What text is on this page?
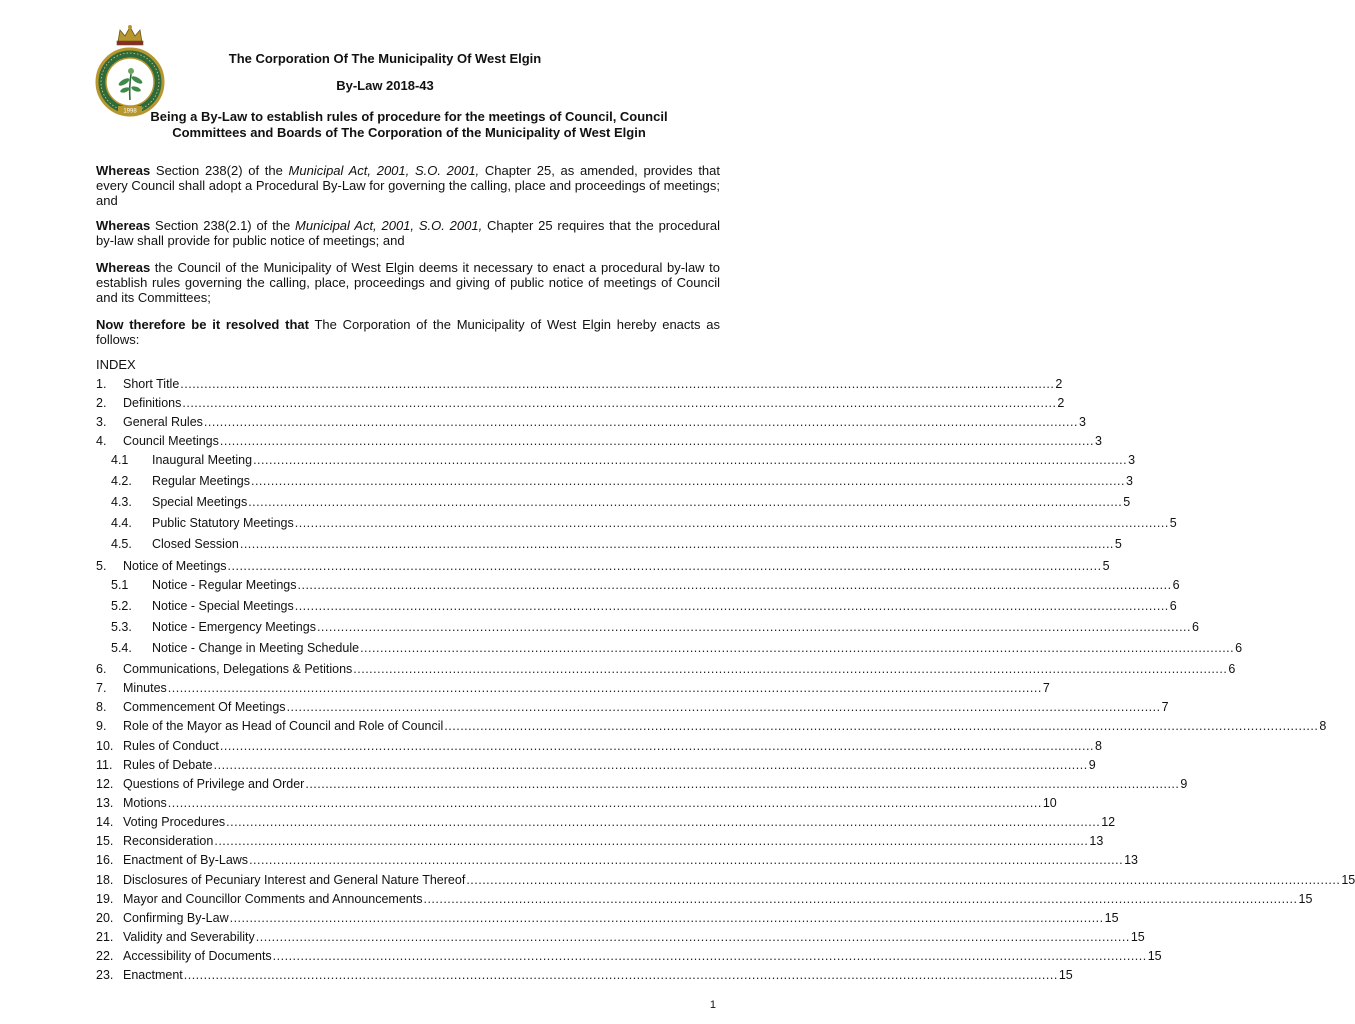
1998
The Corporation Of The Municipality Of West Elgin
By-Law 2018-43
Being a By-Law to establish rules of procedure for the meetings of Council, Council
Committees and Boards of The Corporation of the Municipality of West Elgin
Whereas Section 238(2) of the Municipal Act, 2001, S.O. 2001, Chapter 25, as amended, provides that every Council shall adopt a Procedural By-Law for governing the calling, place and proceedings of meetings; and
Whereas Section 238(2.1) of the Municipal Act, 2001, S.O. 2001, Chapter 25 requires that the procedural by-law shall provide for public notice of meetings; and
Whereas the Council of the Municipality of West Elgin deems it necessary to enact a procedural by-law to establish rules governing the calling, place, proceedings and giving of public notice of meetings of Council and its Committees;
Now therefore be it resolved that The Corporation of the Municipality of West Elgin hereby enacts as follows:
INDEX
1.	Short Title ............................................................................................................................................................................................................................ 2
2.	Definitions ............................................................................................................................................................................................................................ 2
3.	General Rules ............................................................................................................................................................................................................................ 3
4.	Council Meetings ............................................................................................................................................................................................................................ 3
4.1	Inaugural Meeting ............................................................................................................................................................................................................................ 3
4.2.	Regular Meetings ............................................................................................................................................................................................................................ 3
4.3.	Special Meetings ............................................................................................................................................................................................................................ 5
4.4.	Public Statutory Meetings ............................................................................................................................................................................................................................ 5
4.5.	Closed Session ............................................................................................................................................................................................................................ 5
5.	Notice of Meetings ............................................................................................................................................................................................................................ 5
5.1	Notice - Regular Meetings ............................................................................................................................................................................................................................ 6
5.2.	Notice - Special Meetings ............................................................................................................................................................................................................................ 6
5.3.	Notice - Emergency Meetings ............................................................................................................................................................................................................................ 6
5.4.	Notice - Change in Meeting Schedule ............................................................................................................................................................................................................................ 6
6.	Communications, Delegations & Petitions ............................................................................................................................................................................................................................ 6
7.	Minutes ............................................................................................................................................................................................................................ 7
8.	Commencement Of Meetings ............................................................................................................................................................................................................................ 7
9.	Role of the Mayor as Head of Council and Role of Council ............................................................................................................................................................................................................................ 8
10. Rules of Conduct ............................................................................................................................................................................................................................ 8
11. Rules of Debate ............................................................................................................................................................................................................................ 9
12. Questions of Privilege and Order ............................................................................................................................................................................................................................ 9
13. Motions ............................................................................................................................................................................................................................ 10
14. Voting Procedures ............................................................................................................................................................................................................................ 12
15. Reconsideration ............................................................................................................................................................................................................................ 13
16. Enactment of By-Laws ............................................................................................................................................................................................................................ 13
18. Disclosures of Pecuniary Interest and General Nature Thereof ............................................................................................................................................................................................................................ 15
19. Mayor and Councillor Comments and Announcements ............................................................................................................................................................................................................................ 15
20. Confirming By-Law ............................................................................................................................................................................................................................ 15
21. Validity and Severability ............................................................................................................................................................................................................................ 15
22. Accessibility of Documents ............................................................................................................................................................................................................................ 15
23. Enactment ............................................................................................................................................................................................................................ 15
1
